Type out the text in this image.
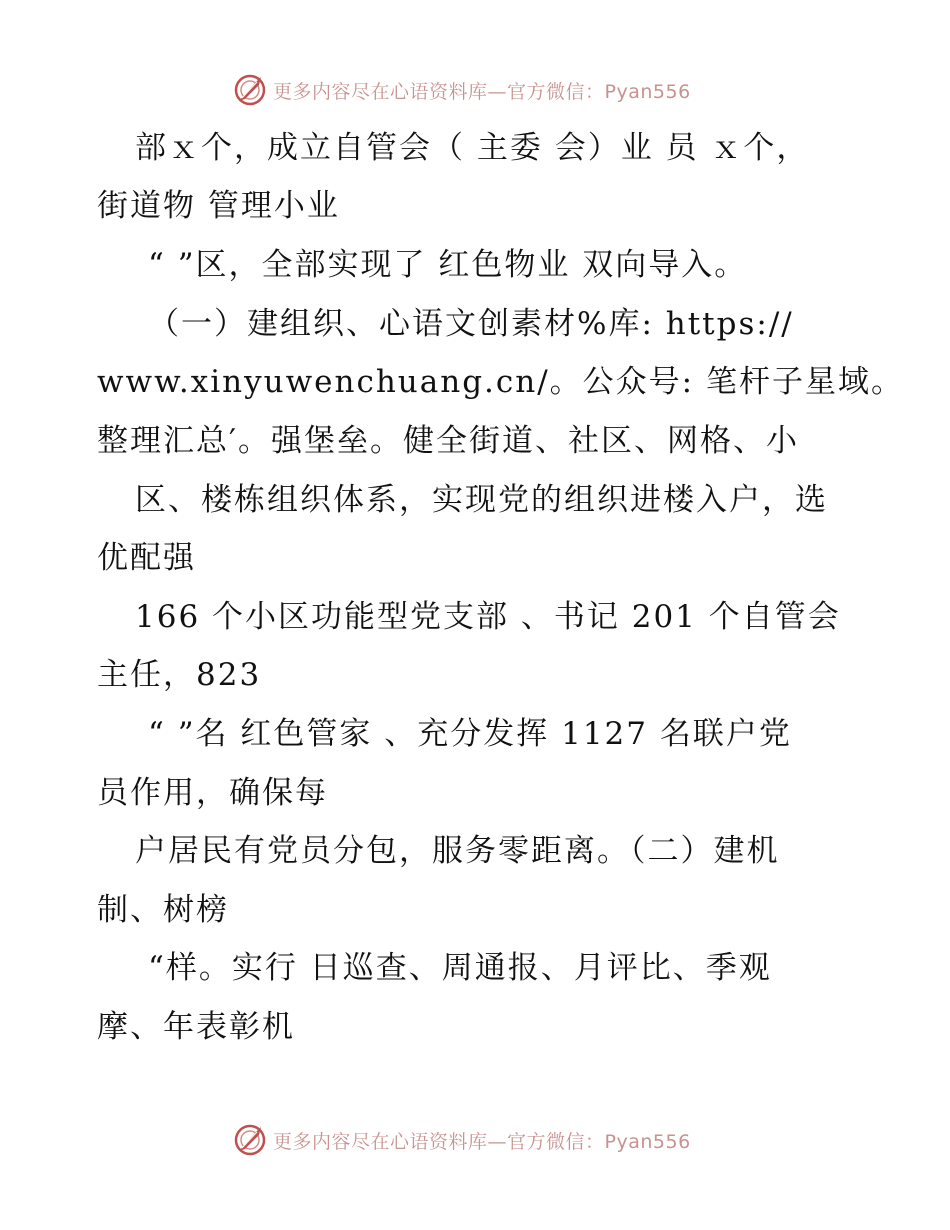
更多内容尽在心语资料库—官方微信：Pyan556
部ｘ个，成立自管会（ 主委 会）业 员 ｘ个，
街道物 管理小业
“ ”区，全部实现了 红色物业 双向导入。
（一）建组织、心语文创素材%库: https://
www.xinyuwenchuang.cn/。公众号: 笔杆子星域。
整理汇总′。强堡垒。健全街道、社区、网格、小
区、楼栋组织体系，实现党的组织进楼入户，选
优配强
166 个小区功能型党支部 、书记 201 个自管会
主任，823
“ ”名 红色管家 、充分发挥 1127 名联户党
员作用，确保每
户居民有党员分包，服务零距离。（二）建机
制、树榜
“样。实行 日巡查、周通报、月评比、季观
摩、年表彰机
更多内容尽在心语资料库—官方微信：Pyan556
